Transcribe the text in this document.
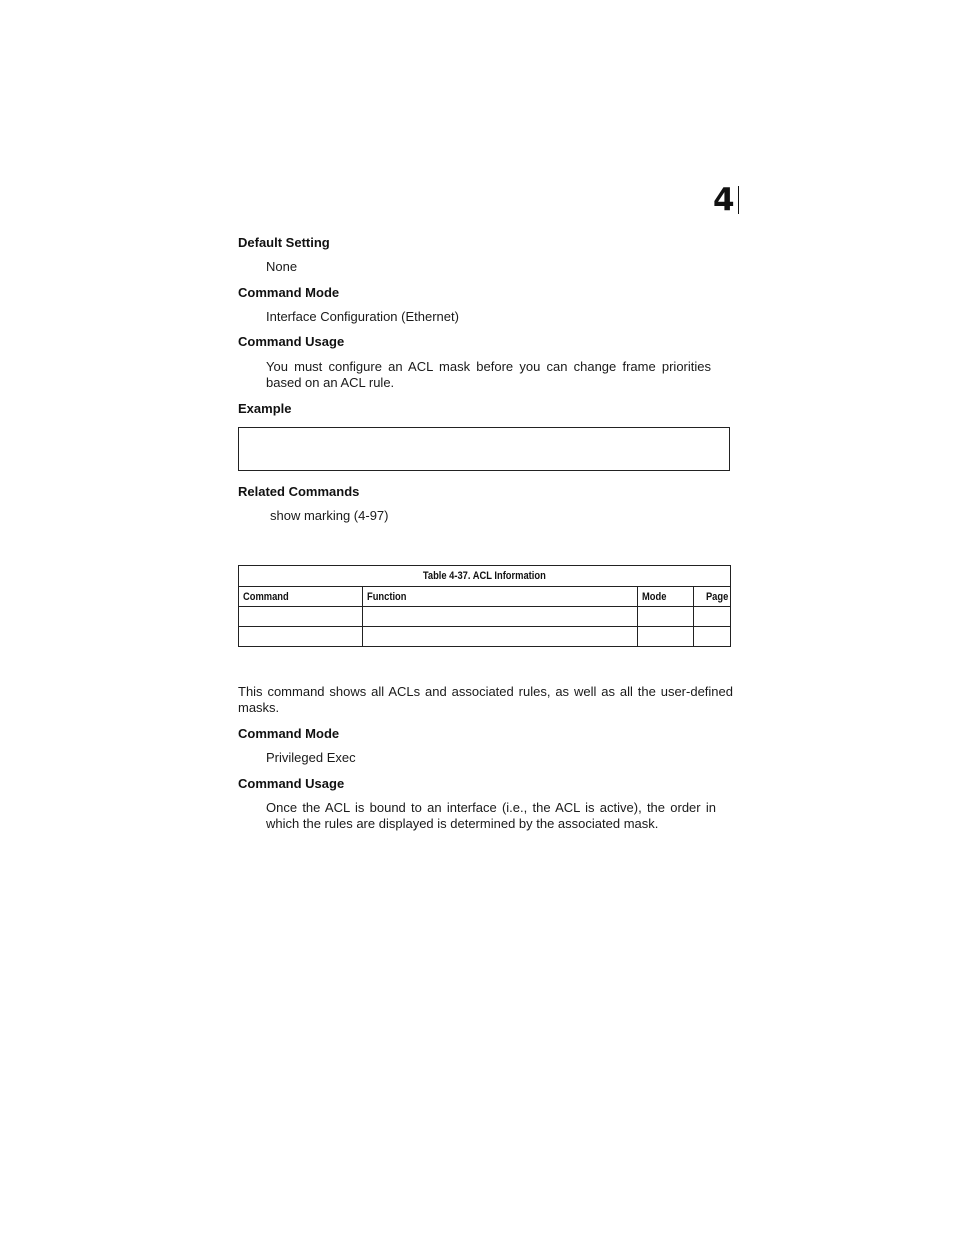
4
Default Setting
None
Command Mode
Interface Configuration (Ethernet)
Command Usage
You must configure an ACL mask before you can change frame priorities based on an ACL rule.
Example
Related Commands
show marking (4-97)
Table 4-37. ACL Information			
Command	Function	Mode	Page

This command shows all ACLs and associated rules, as well as all the user-defined masks.
Command Mode
Privileged Exec
Command Usage
Once the ACL is bound to an interface (i.e., the ACL is active), the order in which the rules are displayed is determined by the associated mask.
